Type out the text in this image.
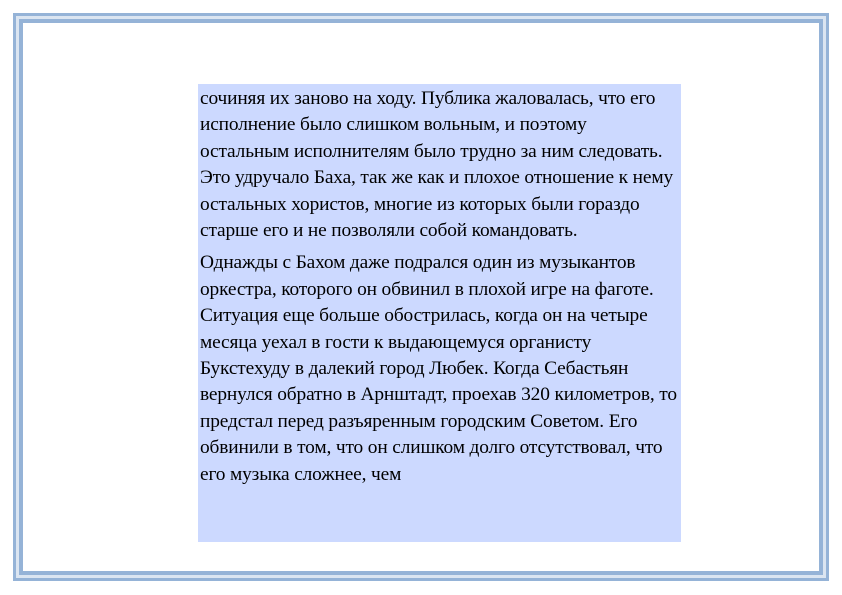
сочиняя их заново на ходу. Публика жаловалась, что его исполнение было слишком вольным, и поэтому остальным исполнителям было трудно за ним следовать. Это удручало Баха, так же как и плохое отношение к нему остальных хористов, многие из которых были гораздо старше его и не позволяли собой командовать.

Однажды с Бахом даже подрался один из музыкантов оркестра, которого он обвинил в плохой игре на фаготе. Ситуация еще больше обострилась, когда он на четыре месяца уехал в гости к выдающемуся органисту Букстехуду в далекий город Любек. Когда Себастьян вернулся обратно в Арнштадт, проехав 320 километров, то предстал перед разъяренным городским Советом. Его обвинили в том, что он слишком долго отсутствовал, что его музыка сложнее, чем
